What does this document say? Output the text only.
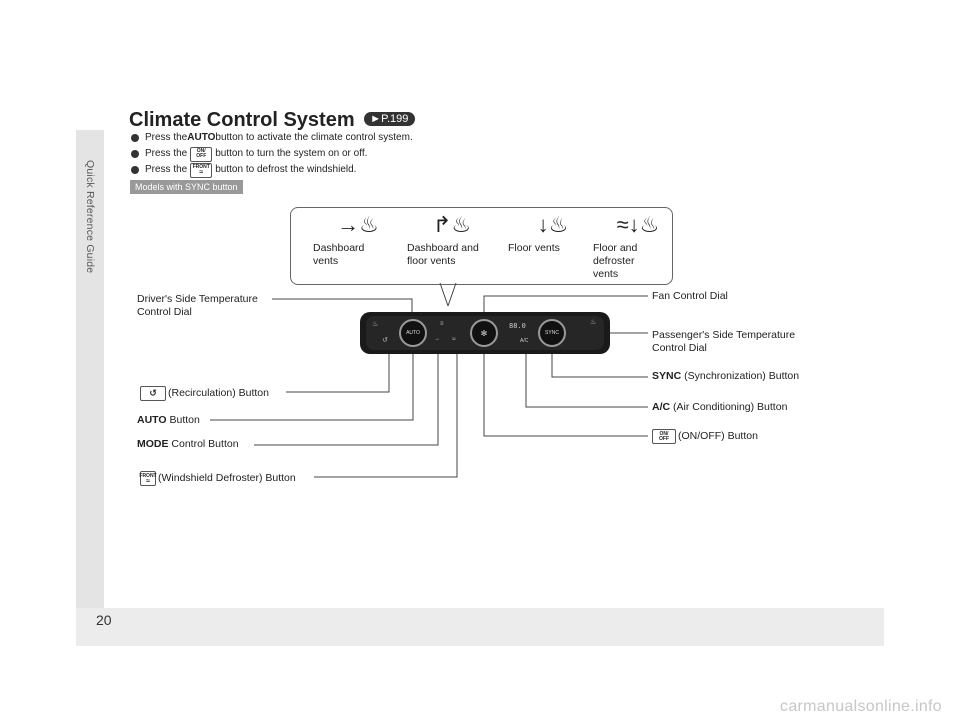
Quick Reference Guide
20
carmanualsonline.info
Climate Control System ►P.199
Press the AUTO button to activate the climate control system.
Press the ON/
OFF button to turn the system on or off.
Press the FRONT
≈ button to defrost the windshield.
Models with SYNC button
→♨
Dashboard
vents
↱♨
Dashboard and
floor vents
↓♨
Floor vents
≈↓♨
Floor and
defroster
vents
AUTO	✻	SYNC
88.0
A/C
♨	♨
↺	→ ≈
≡
Driver's Side Temperature
Control Dial
↺	(Recirculation) Button
AUTO Button
MODE Control Button
FRONT
≈ (Windshield Defroster) Button
Fan Control Dial
Passenger's Side Temperature
Control Dial
SYNC (Synchronization) Button
A/C (Air Conditioning) Button
ON/
OFF (ON/OFF) Button
